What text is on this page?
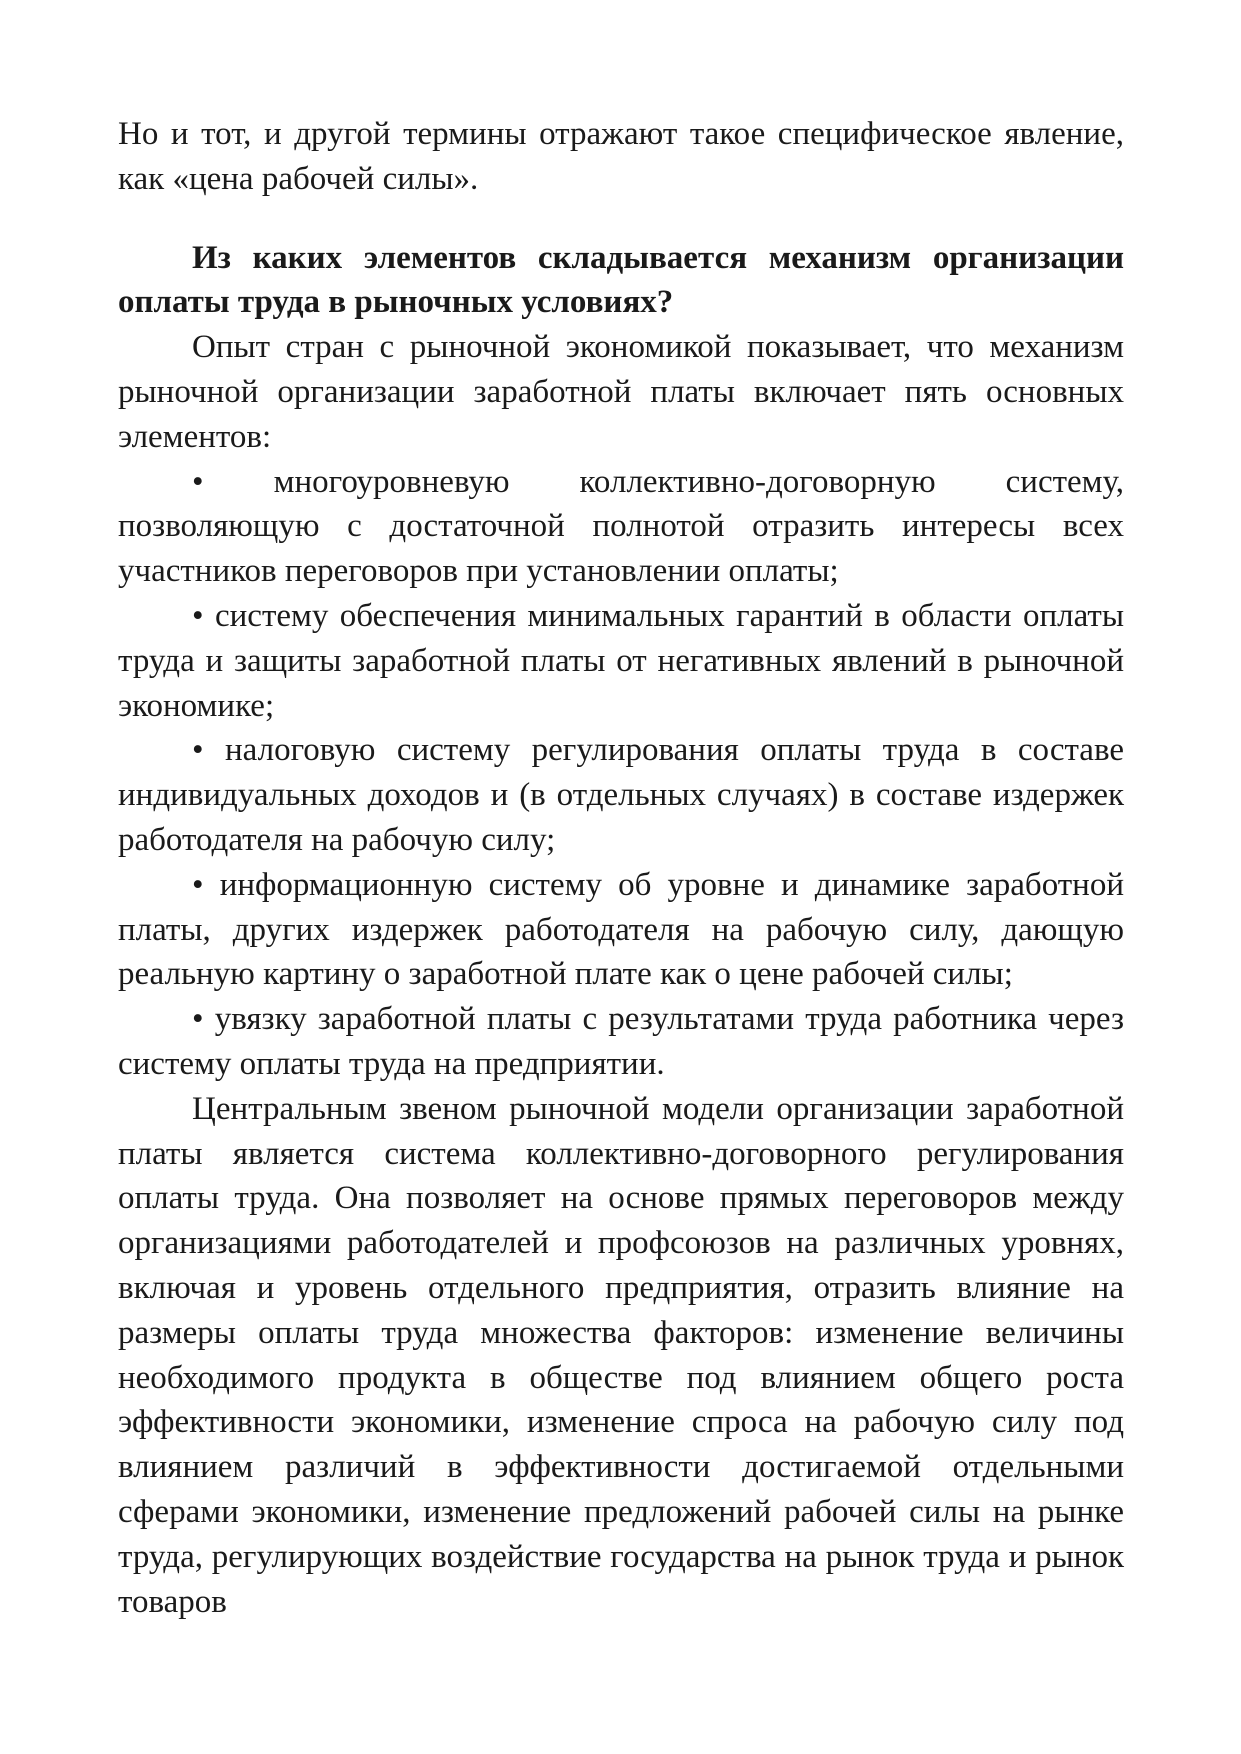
Но и тот, и другой термины отражают такое специфическое явление, как «цена рабочей силы».

Из каких элементов складывается механизм организации оплаты труда в рыночных условиях?

Опыт стран с рыночной экономикой показывает, что механизм рыночной организации заработной платы включает пять основных элементов:

• многоуровневую коллективно-договорную систему, позволяющую с достаточной полнотой отразить интересы всех участников переговоров при установлении оплаты;

• систему обеспечения минимальных гарантий в области оплаты труда и защиты заработной платы от негативных явлений в рыночной экономике;

• налоговую систему регулирования оплаты труда в составе индивидуальных доходов и (в отдельных случаях) в составе издержек работодателя на рабочую силу;

• информационную систему об уровне и динамике заработной платы, других издержек работодателя на рабочую силу, дающую реальную картину о заработной плате как о цене рабочей силы;

• увязку заработной платы с результатами труда работника через систему оплаты труда на предприятии.

Центральным звеном рыночной модели организации заработной платы является система коллективно-договорного регулирования оплаты труда. Она позволяет на основе прямых переговоров между организациями работодателей и профсоюзов на различных уровнях, включая и уровень отдельного предприятия, отразить влияние на размеры оплаты труда множества факторов: изменение величины необходимого продукта в обществе под влиянием общего роста эффективности экономики, изменение спроса на рабочую силу под влиянием различий в эффективности достигаемой отдельными сферами экономики, изменение предложений рабочей силы на рынке труда, регулирующих воздействие государства на рынок труда и рынок товаров
